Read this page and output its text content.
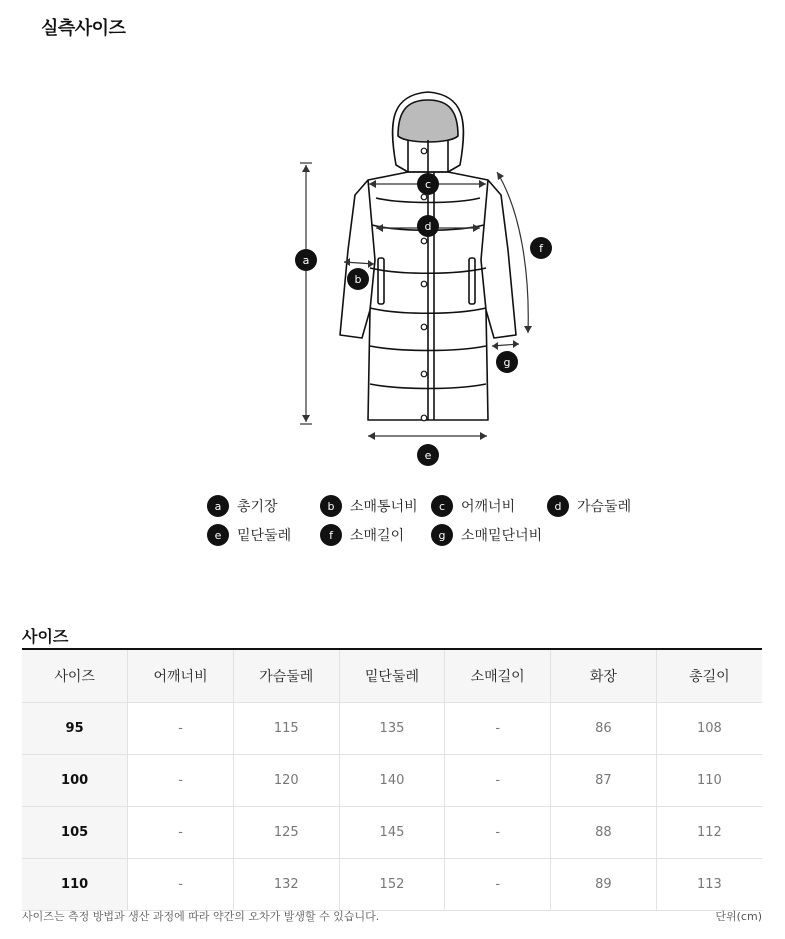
실측사이즈
a
b
c
d
e
f
g
a	총기장	b	소매통너비	c	어깨너비	d	가슴둘레
e	밑단둘레	f	소매길이	g	소매밑단너비
사이즈
사이즈	어깨너비	가슴둘레	밑단둘레	소매길이	화장	총길이
95	-	115	135	-	86	108
100	-	120	140	-	87	110
105	-	125	145	-	88	112
110	-	132	152	-	89	113
사이즈는 측정 방법과 생산 과정에 따라 약간의 오차가 발생할 수 있습니다.	단위(cm)
